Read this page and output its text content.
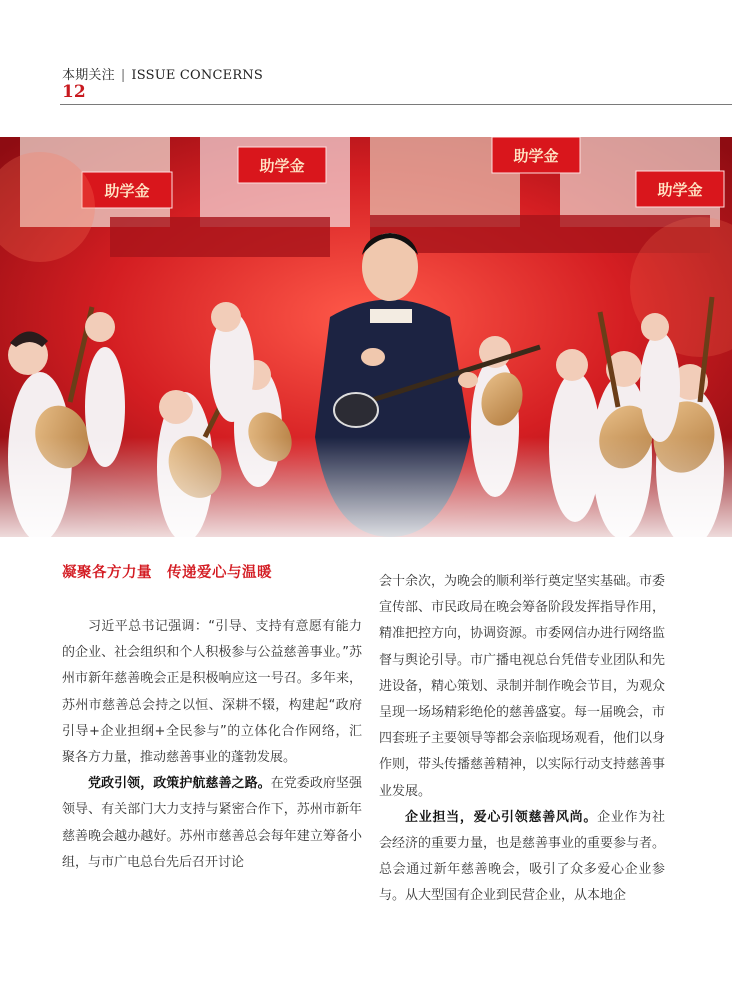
本期关注 | ISSUE CONCERNS
12
助学金
助学金
助学金
助学金
凝聚各方力量　传递爱心与温暖

习近平总书记强调：“引导、支持有意愿有能力的企业、社会组织和个人积极参与公益慈善事业。”苏州市新年慈善晚会正是积极响应这一号召。多年来，苏州市慈善总会持之以恒、深耕不辍，构建起“政府引导+企业担纲+全民参与”的立体化合作网络，汇聚各方力量，推动慈善事业的蓬勃发展。

党政引领，政策护航慈善之路。在党委政府坚强领导、有关部门大力支持与紧密合作下，苏州市新年慈善晚会越办越好。苏州市慈善总会每年建立筹备小组，与市广电总台先后召开讨论

会十余次，为晚会的顺利举行奠定坚实基础。市委宣传部、市民政局在晚会筹备阶段发挥指导作用，精准把控方向，协调资源。市委网信办进行网络监督与舆论引导。市广播电视总台凭借专业团队和先进设备，精心策划、录制并制作晚会节目，为观众呈现一场场精彩绝伦的慈善盛宴。每一届晚会，市四套班子主要领导等都会亲临现场观看，他们以身作则，带头传播慈善精神，以实际行动支持慈善事业发展。

企业担当，爱心引领慈善风尚。企业作为社会经济的重要力量，也是慈善事业的重要参与者。总会通过新年慈善晚会，吸引了众多爱心企业参与。从大型国有企业到民营企业，从本地企
